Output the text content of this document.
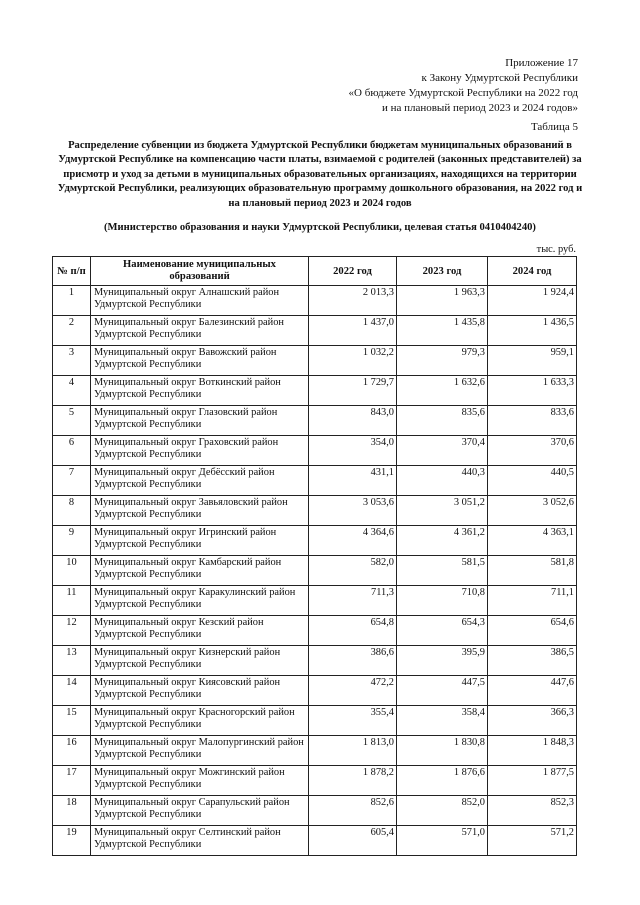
Приложение 17
к Закону Удмуртской Республики
«О бюджете Удмуртской Республики на 2022 год
и на плановый период 2023 и 2024 годов»
Таблица 5
Распределение субвенции из бюджета Удмуртской Республики бюджетам муниципальных образований в Удмуртской Республике на компенсацию части платы, взимаемой с родителей (законных представителей) за присмотр и уход за детьми в муниципальных образовательных организациях, находящихся на территории Удмуртской Республики, реализующих образовательную программу дошкольного образования, на 2022 год и на плановый период 2023 и 2024 годов
(Министерство образования и науки Удмуртской Республики, целевая статья 0410404240)
тыс. руб.
№ п/п	Наименование муниципальных образований	2022 год	2023 год	2024 год
1	Муниципальный округ Алнашский район Удмуртской Республики	2 013,3	1 963,3	1 924,4
2	Муниципальный округ Балезинский район Удмуртской Республики	1 437,0	1 435,8	1 436,5
3	Муниципальный округ Вавожский район Удмуртской Республики	1 032,2	979,3	959,1
4	Муниципальный округ Воткинский район Удмуртской Республики	1 729,7	1 632,6	1 633,3
5	Муниципальный округ Глазовский район Удмуртской Республики	843,0	835,6	833,6
6	Муниципальный округ Граховский район Удмуртской Республики	354,0	370,4	370,6
7	Муниципальный округ Дебёсский район Удмуртской Республики	431,1	440,3	440,5
8	Муниципальный округ Завьяловский район Удмуртской Республики	3 053,6	3 051,2	3 052,6
9	Муниципальный округ Игринский район Удмуртской Республики	4 364,6	4 361,2	4 363,1
10	Муниципальный округ Камбарский район Удмуртской Республики	582,0	581,5	581,8
11	Муниципальный округ Каракулинский район Удмуртской Республики	711,3	710,8	711,1
12	Муниципальный округ Кезский район Удмуртской Республики	654,8	654,3	654,6
13	Муниципальный округ Кизнерский район Удмуртской Республики	386,6	395,9	386,5
14	Муниципальный округ Киясовский район Удмуртской Республики	472,2	447,5	447,6
15	Муниципальный округ Красногорский район Удмуртской Республики	355,4	358,4	366,3
16	Муниципальный округ Малопургинский район Удмуртской Республики	1 813,0	1 830,8	1 848,3
17	Муниципальный округ Можгинский район Удмуртской Республики	1 878,2	1 876,6	1 877,5
18	Муниципальный округ Сарапульский район Удмуртской Республики	852,6	852,0	852,3
19	Муниципальный округ Селтинский район Удмуртской Республики	605,4	571,0	571,2
